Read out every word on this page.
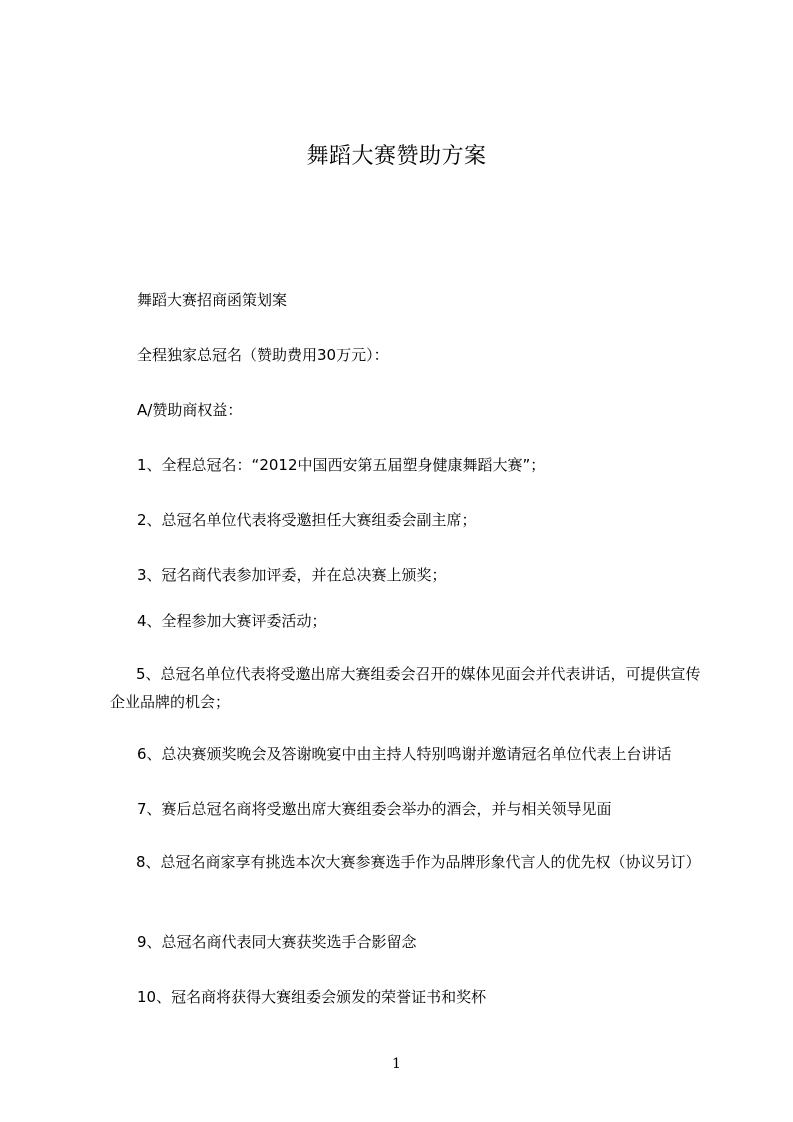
舞蹈大赛赞助方案
舞蹈大赛招商函策划案
全程独家总冠名（赞助费用30万元）：
A/赞助商权益：
1、全程总冠名：“2012中国西安第五届塑身健康舞蹈大赛”；
2、总冠名单位代表将受邀担任大赛组委会副主席；
3、冠名商代表参加评委，并在总决赛上颁奖；
4、全程参加大赛评委活动；
5、总冠名单位代表将受邀出席大赛组委会召开的媒体见面会并代表讲话，可提供宣传企业品牌的机会；
6、总决赛颁奖晚会及答谢晚宴中由主持人特别鸣谢并邀请冠名单位代表上台讲话
7、赛后总冠名商将受邀出席大赛组委会举办的酒会，并与相关领导见面
8、总冠名商家享有挑选本次大赛参赛选手作为品牌形象代言人的优先权（协议另订）
9、总冠名商代表同大赛获奖选手合影留念
10、冠名商将获得大赛组委会颁发的荣誉证书和奖杯
1
